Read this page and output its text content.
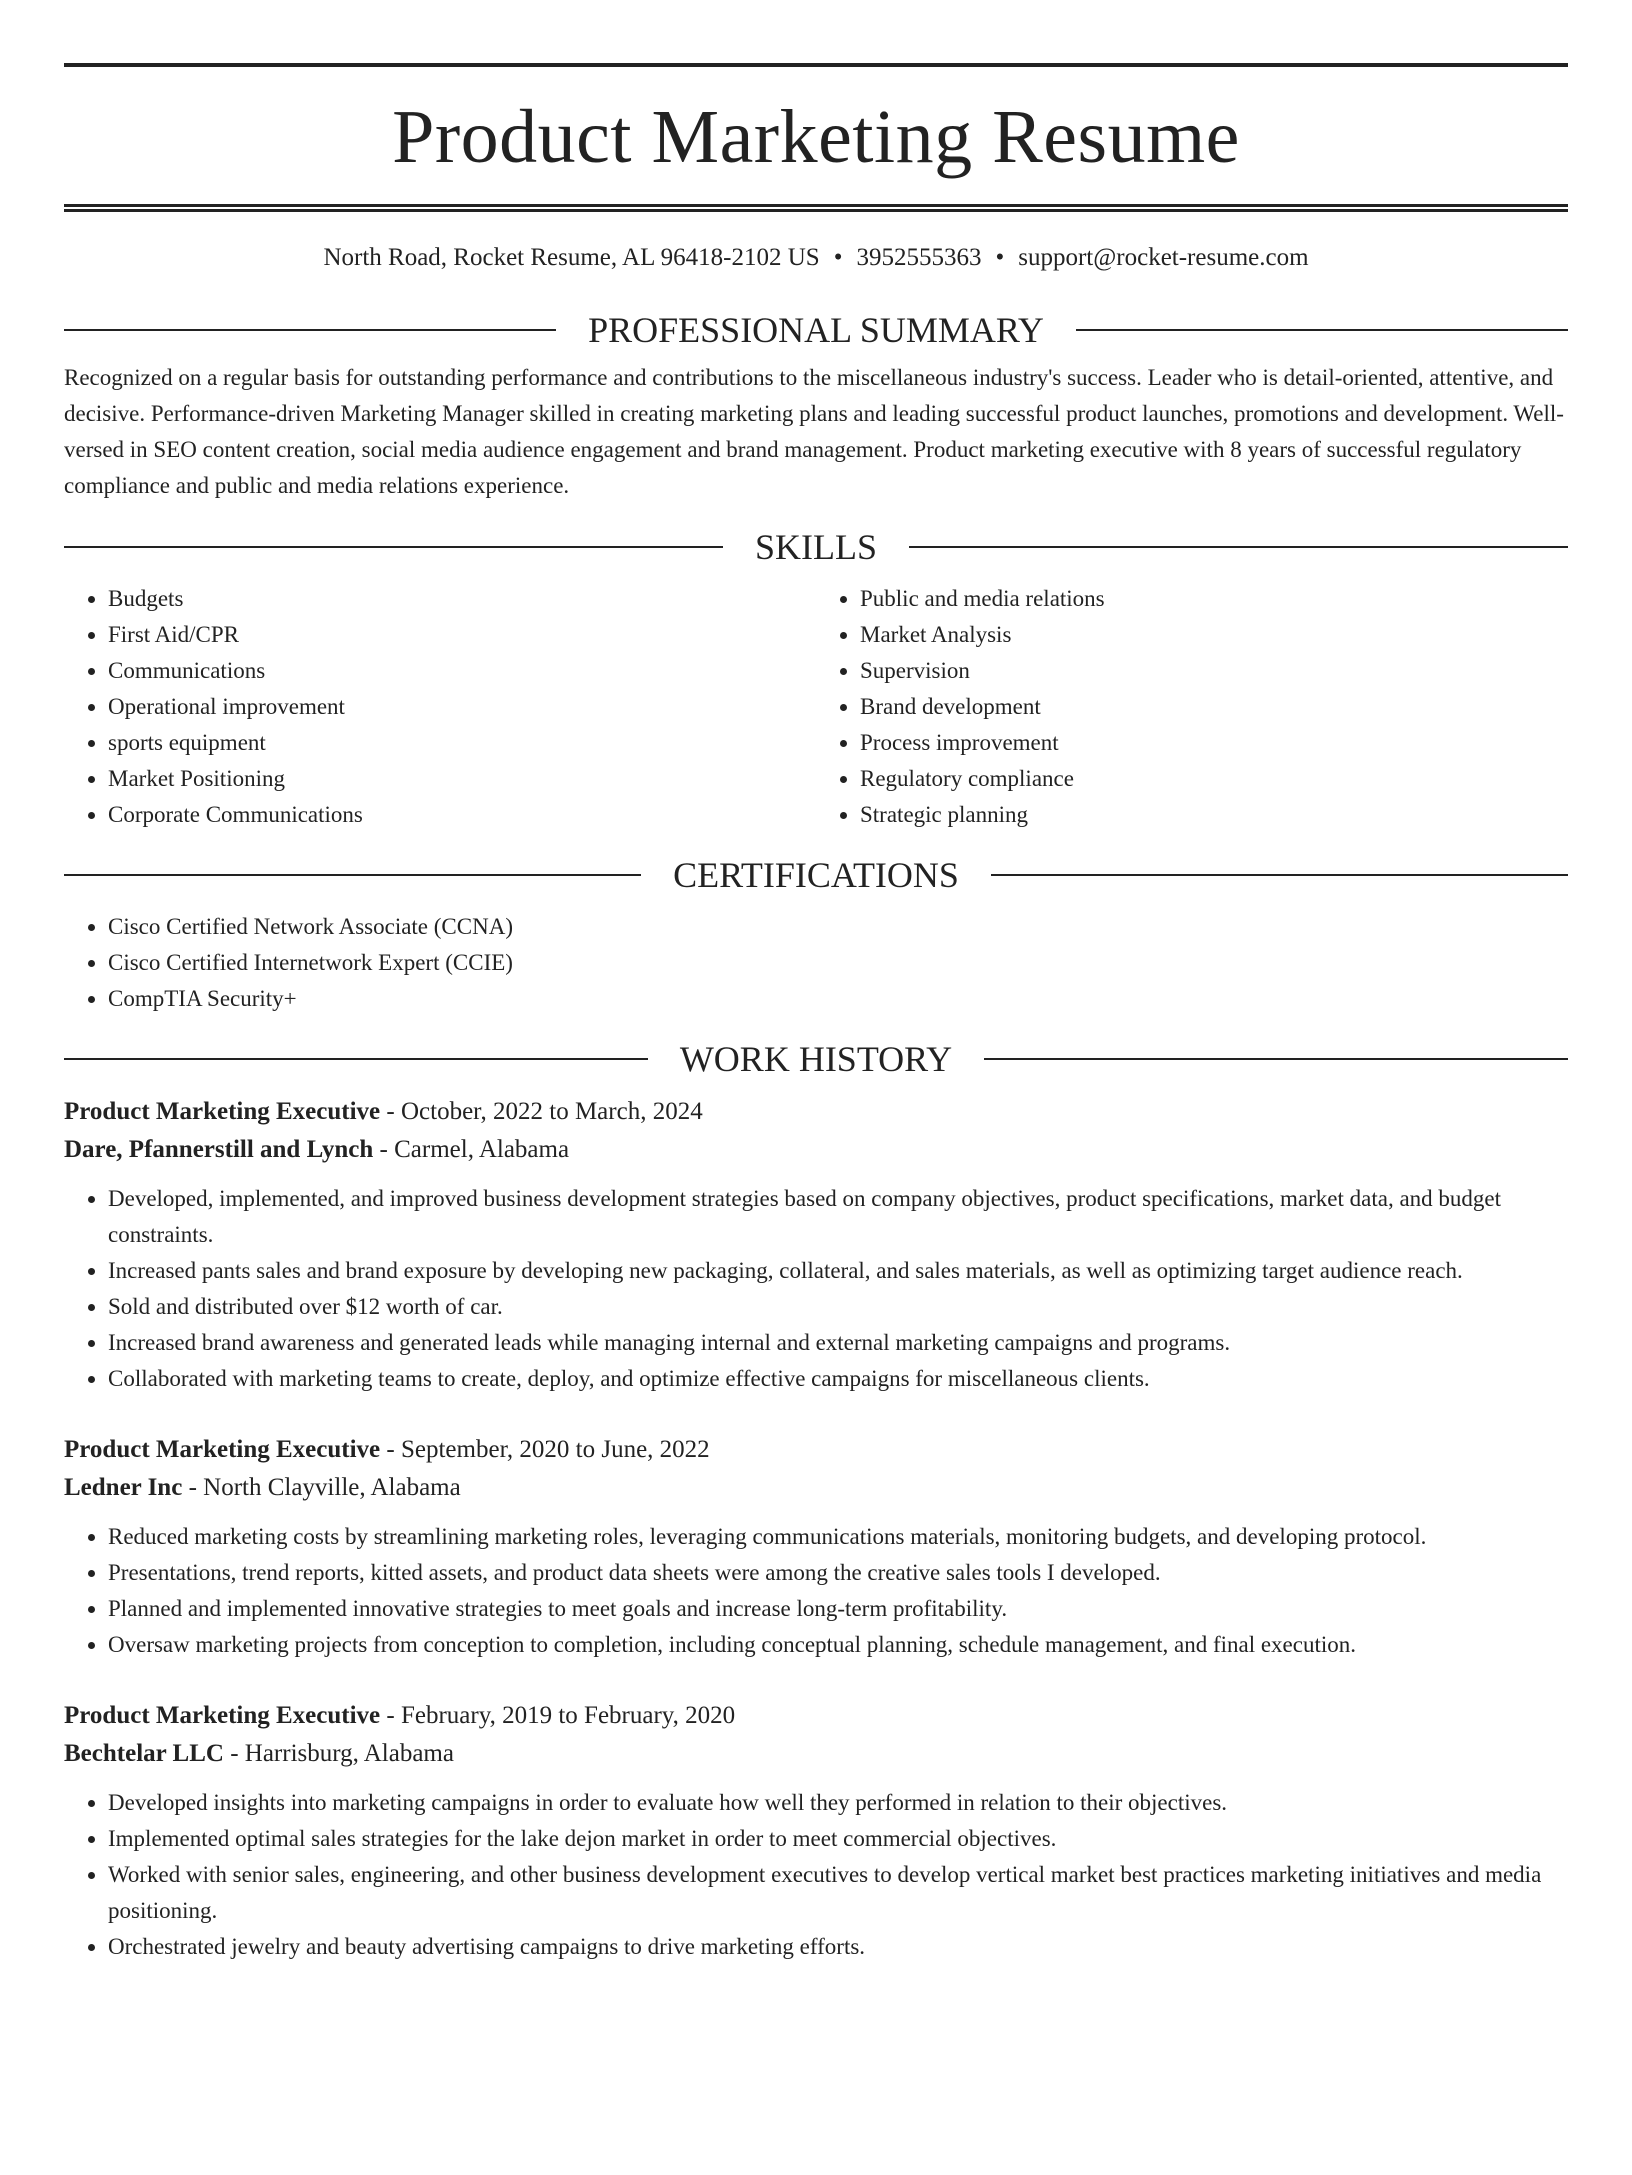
Product Marketing Resume
North Road, Rocket Resume, AL 96418-2102 US • 3952555363 • support@rocket-resume.com
PROFESSIONAL SUMMARY

Recognized on a regular basis for outstanding performance and contributions to the miscellaneous industry's success. Leader who is detail-oriented, attentive, and decisive. Performance-driven Marketing Manager skilled in creating marketing plans and leading successful product launches, promotions and development. Well-versed in SEO content creation, social media audience engagement and brand management. Product marketing executive with 8 years of successful regulatory compliance and public and media relations experience.

SKILLS
• Budgets
• First Aid/CPR
• Communications
• Operational improvement
• sports equipment
• Market Positioning
• Corporate Communications
• Public and media relations
• Market Analysis
• Supervision
• Brand development
• Process improvement
• Regulatory compliance
• Strategic planning
CERTIFICATIONS
• Cisco Certified Network Associate (CCNA)
• Cisco Certified Internetwork Expert (CCIE)
• CompTIA Security+
WORK HISTORY
Product Marketing Executive - October, 2022 to March, 2024
Dare, Pfannerstill and Lynch - Carmel, Alabama
• Developed, implemented, and improved business development strategies based on company objectives, product specifications, market data, and budget constraints.
• Increased pants sales and brand exposure by developing new packaging, collateral, and sales materials, as well as optimizing target audience reach.
• Sold and distributed over $12 worth of car.
• Increased brand awareness and generated leads while managing internal and external marketing campaigns and programs.
• Collaborated with marketing teams to create, deploy, and optimize effective campaigns for miscellaneous clients.
Product Marketing Executive - September, 2020 to June, 2022
Ledner Inc - North Clayville, Alabama
• Reduced marketing costs by streamlining marketing roles, leveraging communications materials, monitoring budgets, and developing protocol.
• Presentations, trend reports, kitted assets, and product data sheets were among the creative sales tools I developed.
• Planned and implemented innovative strategies to meet goals and increase long-term profitability.
• Oversaw marketing projects from conception to completion, including conceptual planning, schedule management, and final execution.
Product Marketing Executive - February, 2019 to February, 2020
Bechtelar LLC - Harrisburg, Alabama
• Developed insights into marketing campaigns in order to evaluate how well they performed in relation to their objectives.
• Implemented optimal sales strategies for the lake dejon market in order to meet commercial objectives.
• Worked with senior sales, engineering, and other business development executives to develop vertical market best practices marketing initiatives and media positioning.
• Orchestrated jewelry and beauty advertising campaigns to drive marketing efforts.
